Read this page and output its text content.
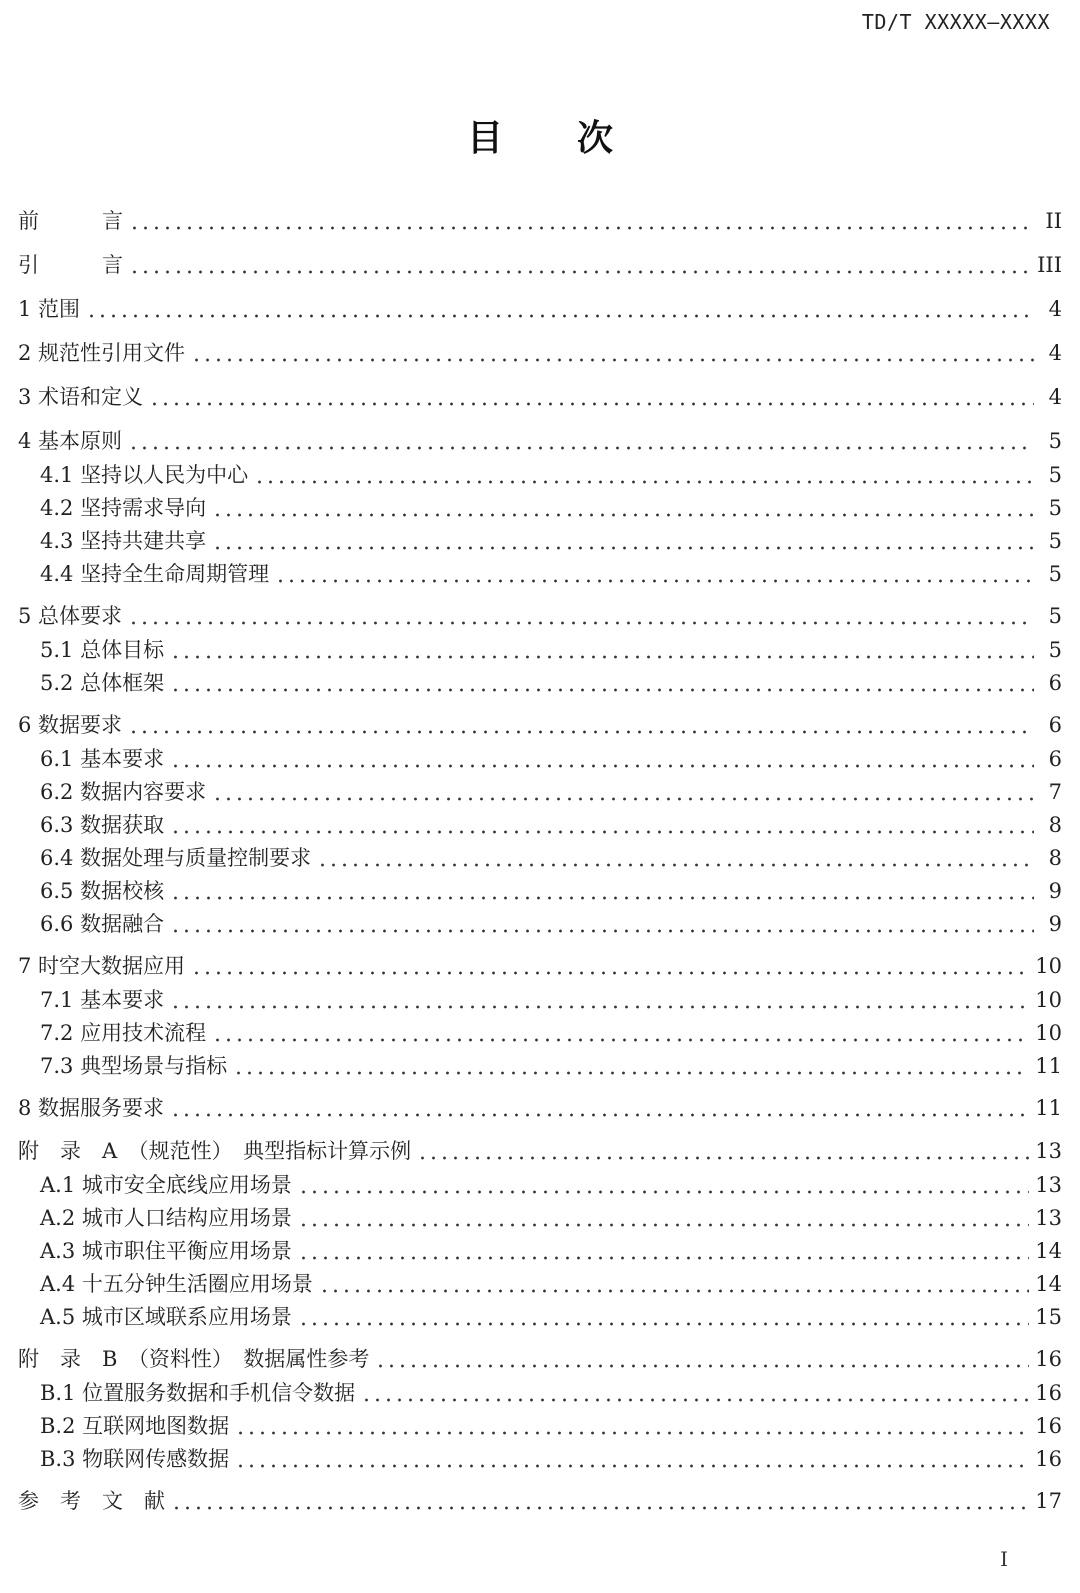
TD/T XXXXX—XXXX
目次
前　　　言	II
引　　　言	III
1 范围	4
2 规范性引用文件	4
3 术语和定义	4
4 基本原则	5
4.1 坚持以人民为中心	5
4.2 坚持需求导向	5
4.3 坚持共建共享	5
4.4 坚持全生命周期管理	5
5 总体要求	5
5.1 总体目标	5
5.2 总体框架	6
6 数据要求	6
6.1 基本要求	6
6.2 数据内容要求	7
6.3 数据获取	8
6.4 数据处理与质量控制要求	8
6.5 数据校核	9
6.6 数据融合	9
7 时空大数据应用	10
7.1 基本要求	10
7.2 应用技术流程	10
7.3 典型场景与指标	11
8 数据服务要求	11
附　录　A　（规范性）　典型指标计算示例	13
A.1 城市安全底线应用场景	13
A.2 城市人口结构应用场景	13
A.3 城市职住平衡应用场景	14
A.4 十五分钟生活圈应用场景	14
A.5 城市区域联系应用场景	15
附　录　B　（资料性）　数据属性参考	16
B.1 位置服务数据和手机信令数据	16
B.2 互联网地图数据	16
B.3 物联网传感数据	16
参　考　文　献	17
I
